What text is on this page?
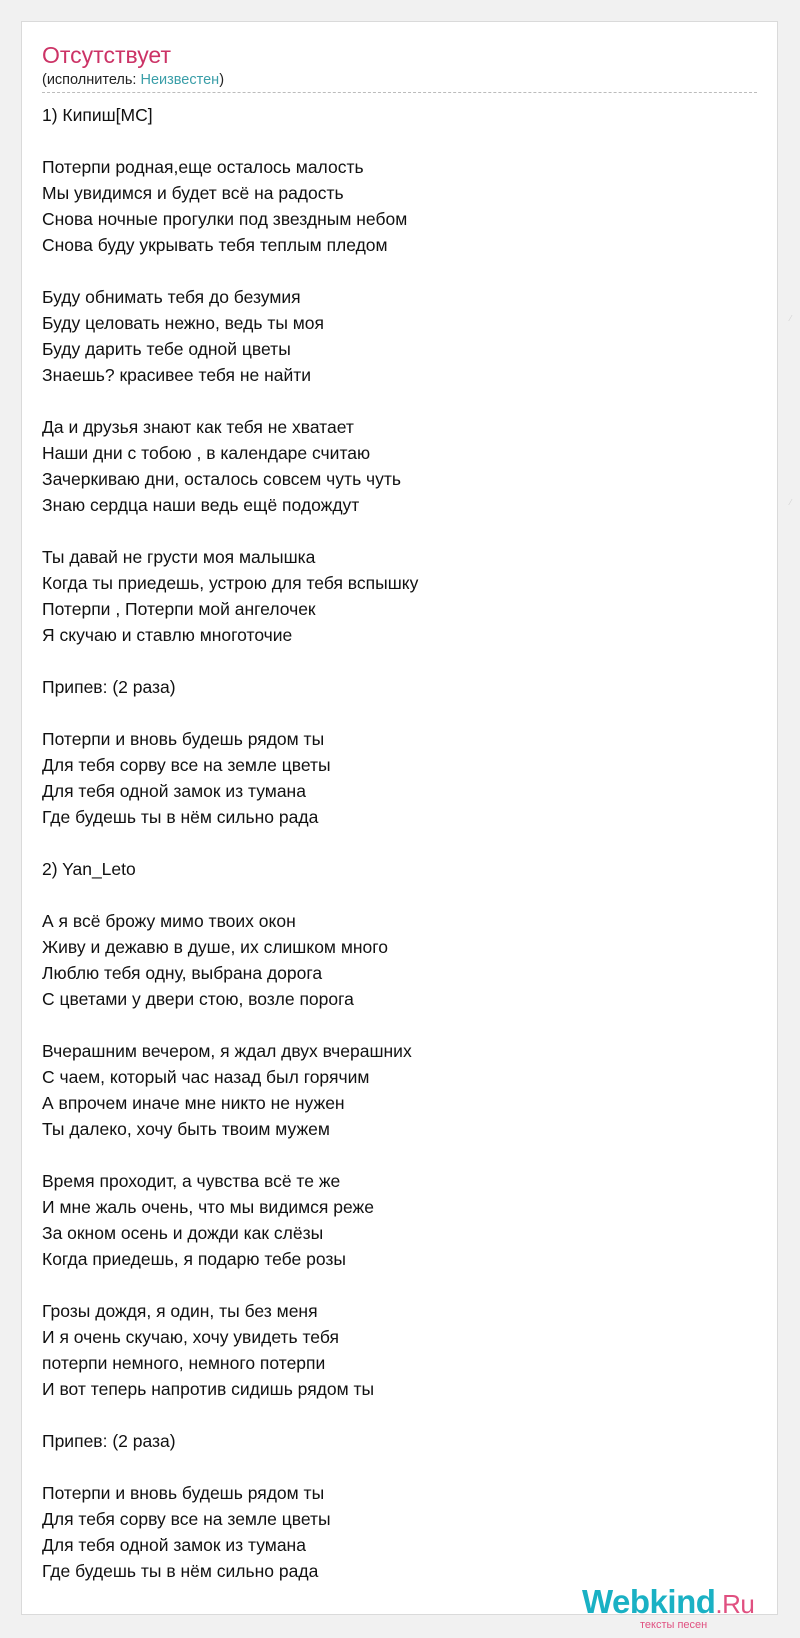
Отсутствует
(исполнитель: Неизвестен)
1) Кипиш[MC]
Потерпи родная,еще осталось малость
Мы увидимся и будет всё на радость
Снова ночные прогулки под звездным небом
Снова буду укрывать тебя теплым пледом
Буду обнимать тебя до безумия
Буду целовать нежно, ведь ты моя
Буду дарить тебе одной цветы
Знаешь? красивее тебя не найти
Да и друзья знают как тебя не хватает
Наши дни с тобою , в календаре считаю
Зачеркиваю дни, осталось совсем чуть чуть
Знаю сердца наши ведь ещё подождут
Ты давай не грусти моя малышка
Когда ты приедешь, устрою для тебя вспышку
Потерпи , Потерпи мой ангелочек
Я скучаю и ставлю многоточие
Припев: (2 раза)
Потерпи и вновь будешь рядом ты
Для тебя сорву все на земле цветы
Для тебя одной замок из тумана
Где будешь ты в нём сильно рада
2) Yan_Leto
А я всё брожу мимо твоих окон
Живу и дежавю в душе, их слишком много
Люблю тебя одну, выбрана дорога
С цветами у двери стою, возле порога
Вчерашним вечером, я ждал двух вчерашних
С чаем, который час назад был горячим
А впрочем иначе мне никто не нужен
Ты далеко, хочу быть твоим мужем
Время проходит, а чувства всё те же
И мне жаль очень, что мы видимся реже
За окном осень и дожди как слёзы
Когда приедешь, я подарю тебе розы
Грозы дождя, я один, ты без меня
И я очень скучаю, хочу увидеть тебя
потерпи немного, немного потерпи
И вот теперь напротив сидишь рядом ты
Припев: (2 раза)
Потерпи и вновь будешь рядом ты
Для тебя сорву все на земле цветы
Для тебя одной замок из тумана
Где будешь ты в нём сильно рада
Webkind.Ru
тексты песен
⁄
⁄
